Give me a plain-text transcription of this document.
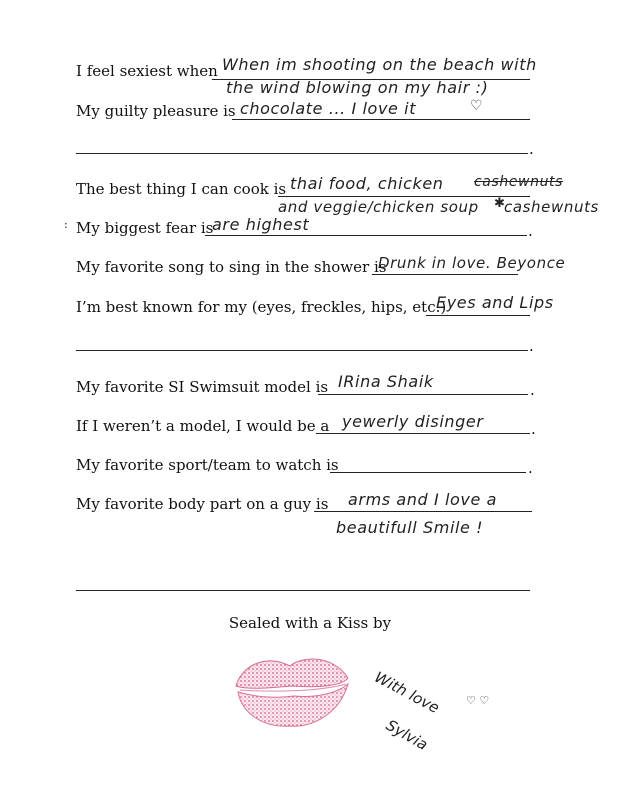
I feel sexiest when When im shooting on the beach with
the wind blowing on my hair :)
My guilty pleasure is chocolate ... I love it	♡
.
The best thing I can cook is thai food, chicken cashewnuts
and veggie/chicken soup ✱
cashewnuts
: My biggest fear is	.
are highest
My favorite song to sing in the shower is
Drunk in love. Beyonce
I’m best known for my (eyes, freckles, hips, etc.)
Eyes and Lips
.
My favorite SI Swimsuit model is	.
IRina Shaik
If I weren’t a model, I would be a	.
yewerly disinger
My favorite sport/team to watch is	.
My favorite body part on a guy is arms and I love a
beautifull Smile !
Sealed with a Kiss by
With love ♡ ♡
Sylvia
